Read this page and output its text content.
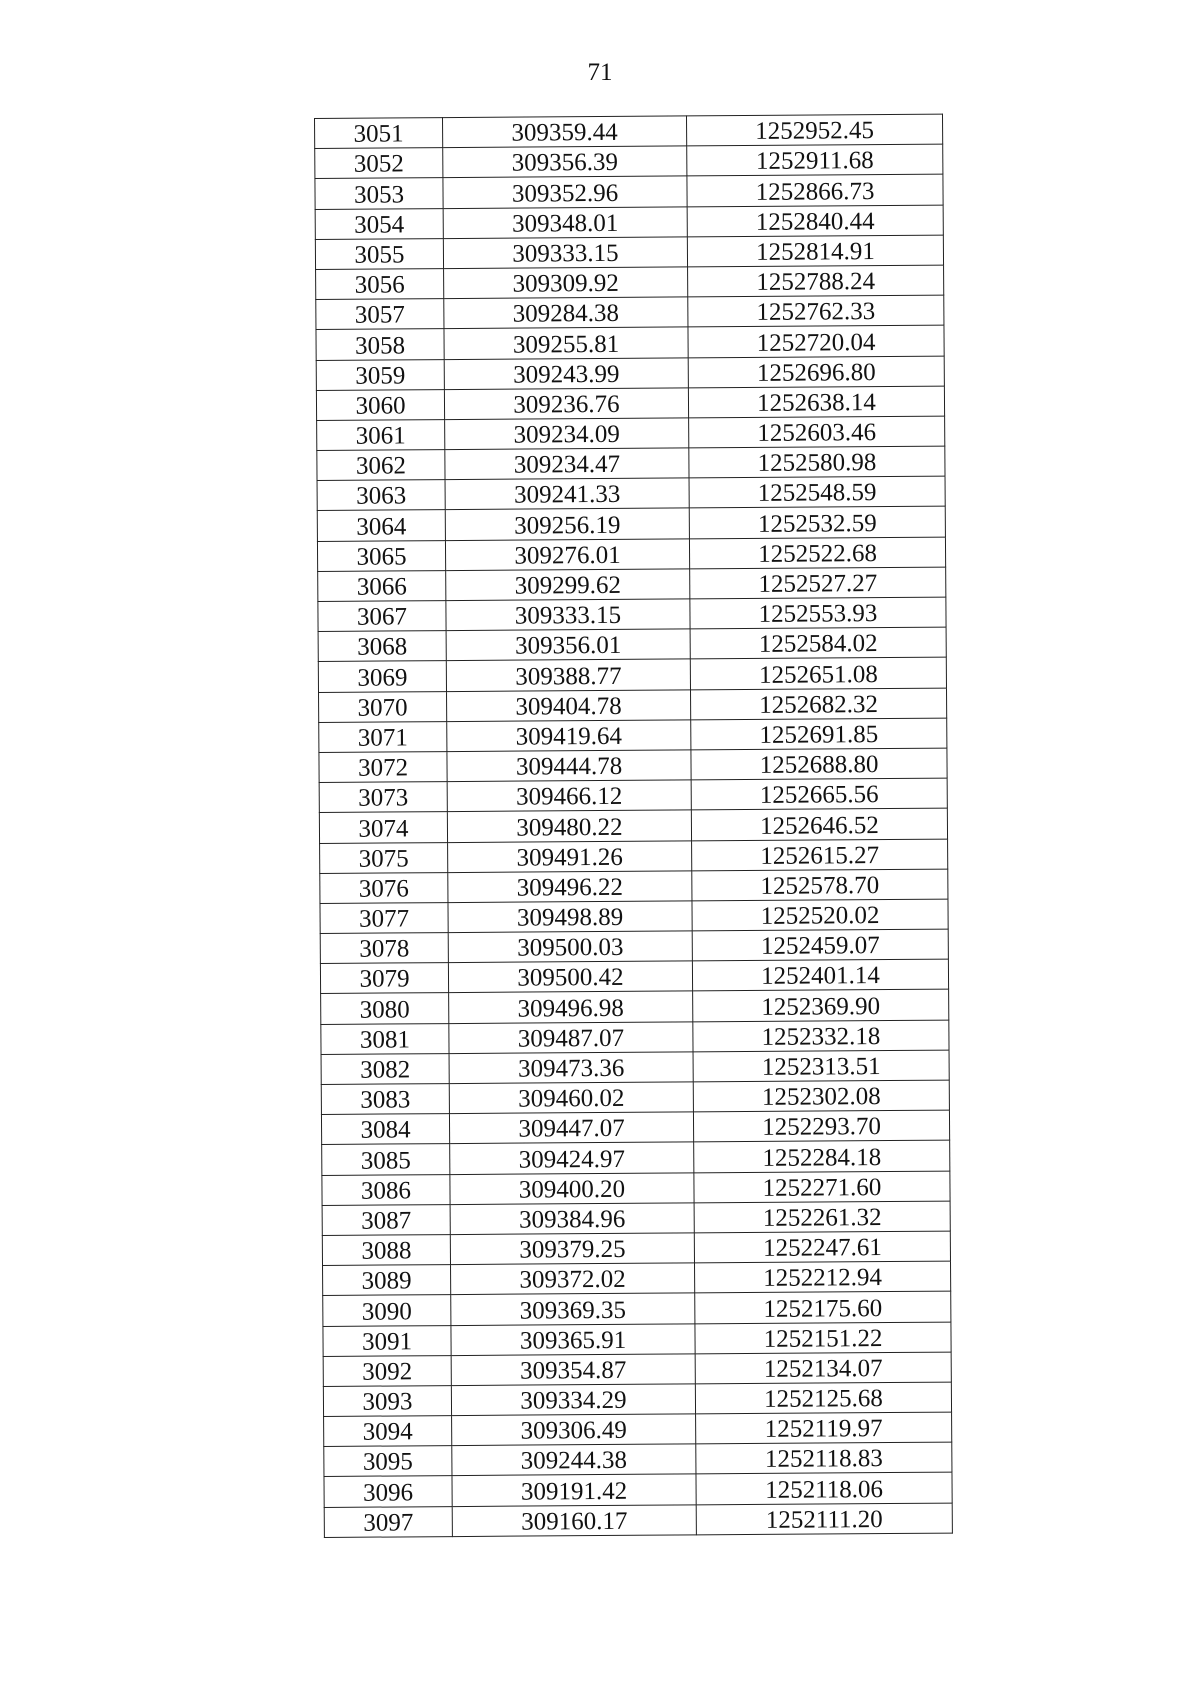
71
3051	309359.44	1252952.45
3052	309356.39	1252911.68
3053	309352.96	1252866.73
3054	309348.01	1252840.44
3055	309333.15	1252814.91
3056	309309.92	1252788.24
3057	309284.38	1252762.33
3058	309255.81	1252720.04
3059	309243.99	1252696.80
3060	309236.76	1252638.14
3061	309234.09	1252603.46
3062	309234.47	1252580.98
3063	309241.33	1252548.59
3064	309256.19	1252532.59
3065	309276.01	1252522.68
3066	309299.62	1252527.27
3067	309333.15	1252553.93
3068	309356.01	1252584.02
3069	309388.77	1252651.08
3070	309404.78	1252682.32
3071	309419.64	1252691.85
3072	309444.78	1252688.80
3073	309466.12	1252665.56
3074	309480.22	1252646.52
3075	309491.26	1252615.27
3076	309496.22	1252578.70
3077	309498.89	1252520.02
3078	309500.03	1252459.07
3079	309500.42	1252401.14
3080	309496.98	1252369.90
3081	309487.07	1252332.18
3082	309473.36	1252313.51
3083	309460.02	1252302.08
3084	309447.07	1252293.70
3085	309424.97	1252284.18
3086	309400.20	1252271.60
3087	309384.96	1252261.32
3088	309379.25	1252247.61
3089	309372.02	1252212.94
3090	309369.35	1252175.60
3091	309365.91	1252151.22
3092	309354.87	1252134.07
3093	309334.29	1252125.68
3094	309306.49	1252119.97
3095	309244.38	1252118.83
3096	309191.42	1252118.06
3097	309160.17	1252111.20
